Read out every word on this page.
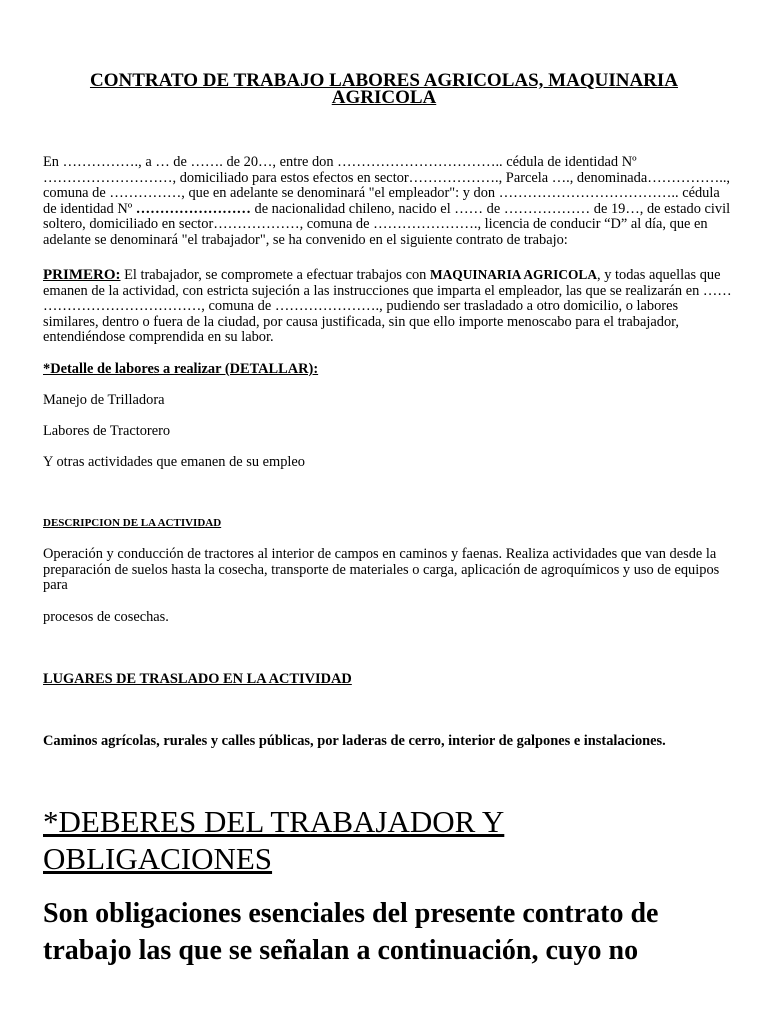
CONTRATO DE TRABAJO LABORES AGRICOLAS, MAQUINARIA AGRICOLA

En ……………., a … de ……. de 20…, entre don …………………………….. cédula de identidad Nº ………………………, domiciliado para estos efectos en sector………………., Parcela …., denominada…………….., comuna de ……………, que en adelante se denominará "el empleador": y don ……………………………….. cédula de identidad Nº …………………… de nacionalidad chileno, nacido el …… de ……………… de 19…, de estado civil soltero, domiciliado en sector………………, comuna de …………………., licencia de conducir “D” al día, que en adelante se denominará "el trabajador", se ha convenido en el siguiente contrato de trabajo:

PRIMERO: El trabajador, se compromete a efectuar trabajos con MAQUINARIA AGRICOLA, y todas aquellas que emanen de la actividad, con estricta sujeción a las instrucciones que imparta el empleador, las que se realizarán en …… ……………………………, comuna de …………………., pudiendo ser trasladado a otro domicilio, o labores similares, dentro o fuera de la ciudad, por causa justificada, sin que ello importe menoscabo para el trabajador, entendiéndose comprendida en su labor.

*Detalle de labores a realizar (DETALLAR):

Manejo de Trilladora

Labores de Tractorero

Y otras actividades que emanen de su empleo

DESCRIPCION DE LA ACTIVIDAD

Operación y conducción de tractores al interior de campos en caminos y faenas. Realiza actividades que van desde la preparación de suelos hasta la cosecha, transporte de materiales o carga, aplicación de agroquímicos y uso de equipos para

procesos de cosechas.

LUGARES DE TRASLADO EN LA ACTIVIDAD

Caminos agrícolas, rurales y calles públicas, por laderas de cerro, interior de galpones e instalaciones.

*DEBERES DEL TRABAJADOR Y OBLIGACIONES

Son obligaciones esenciales del presente contrato de trabajo las que se señalan a continuación, cuyo no
